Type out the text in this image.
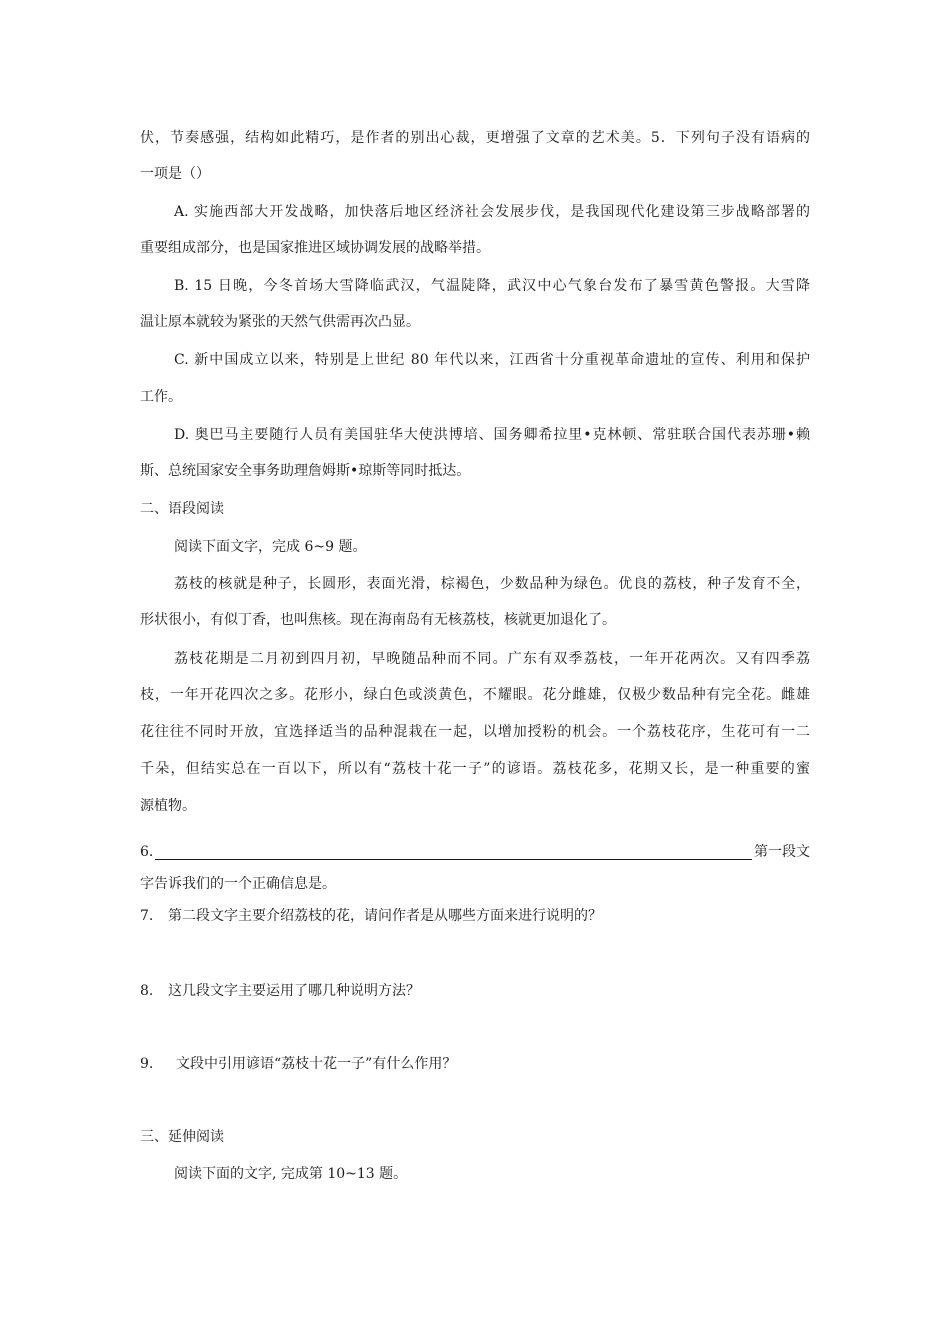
伏，节奏感强，结构如此精巧，是作者的别出心裁，更增强了文章的艺术美。5．下列句子没有语病的
一项是（）
A. 实施西部大开发战略，加快落后地区经济社会发展步伐，是我国现代化建设第三步战略部署的
重要组成部分，也是国家推进区域协调发展的战略举措。
B. 15 日晚，今冬首场大雪降临武汉，气温陡降，武汉中心气象台发布了暴雪黄色警报。大雪降
温让原本就较为紧张的天然气供需再次凸显。
C. 新中国成立以来，特别是上世纪 80 年代以来，江西省十分重视革命遗址的宣传、利用和保护
工作。
D. 奥巴马主要随行人员有美国驻华大使洪博培、国务卿希拉里•克林顿、常驻联合国代表苏珊•赖
斯、总统国家安全事务助理詹姆斯•琼斯等同时抵达。
二、语段阅读
阅读下面文字，完成 6~9 题。
荔枝的核就是种子，长圆形，表面光滑，棕褐色，少数品种为绿色。优良的荔枝，种子发育不全，
形状很小，有似丁香，也叫焦核。现在海南岛有无核荔枝，核就更加退化了。
荔枝花期是二月初到四月初，早晚随品种而不同。广东有双季荔枝，一年开花两次。又有四季荔
枝，一年开花四次之多。花形小，绿白色或淡黄色，不耀眼。花分雌雄，仅极少数品种有完全花。雌雄
花往往不同时开放，宜选择适当的品种混栽在一起，以增加授粉的机会。一个荔枝花序，生花可有一二
千朵，但结实总在一百以下，所以有“荔枝十花一子”的谚语。荔枝花多，花期又长，是一种重要的蜜
源植物。
6.	第一段文
字告诉我们的一个正确信息是。
7. 第二段文字主要介绍荔枝的花，请问作者是从哪些方面来进行说明的？
8. 这几段文字主要运用了哪几种说明方法？
9. 文段中引用谚语“荔枝十花一子”有什么作用？
三、延伸阅读
阅读下面的文字, 完成第 10~13 题。
